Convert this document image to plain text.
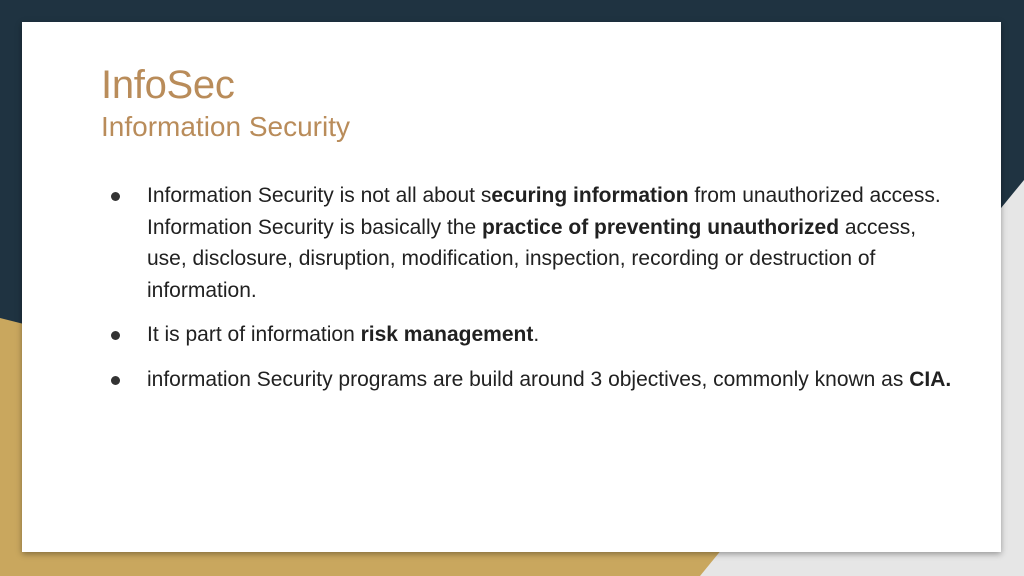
InfoSec
Information Security
Information Security is not all about securing information from unauthorized access. Information Security is basically the practice of preventing unauthorized access, use, disclosure, disruption, modification, inspection, recording or destruction of information.
It is part of information risk management.
information Security programs are build around 3 objectives, commonly known as CIA.
